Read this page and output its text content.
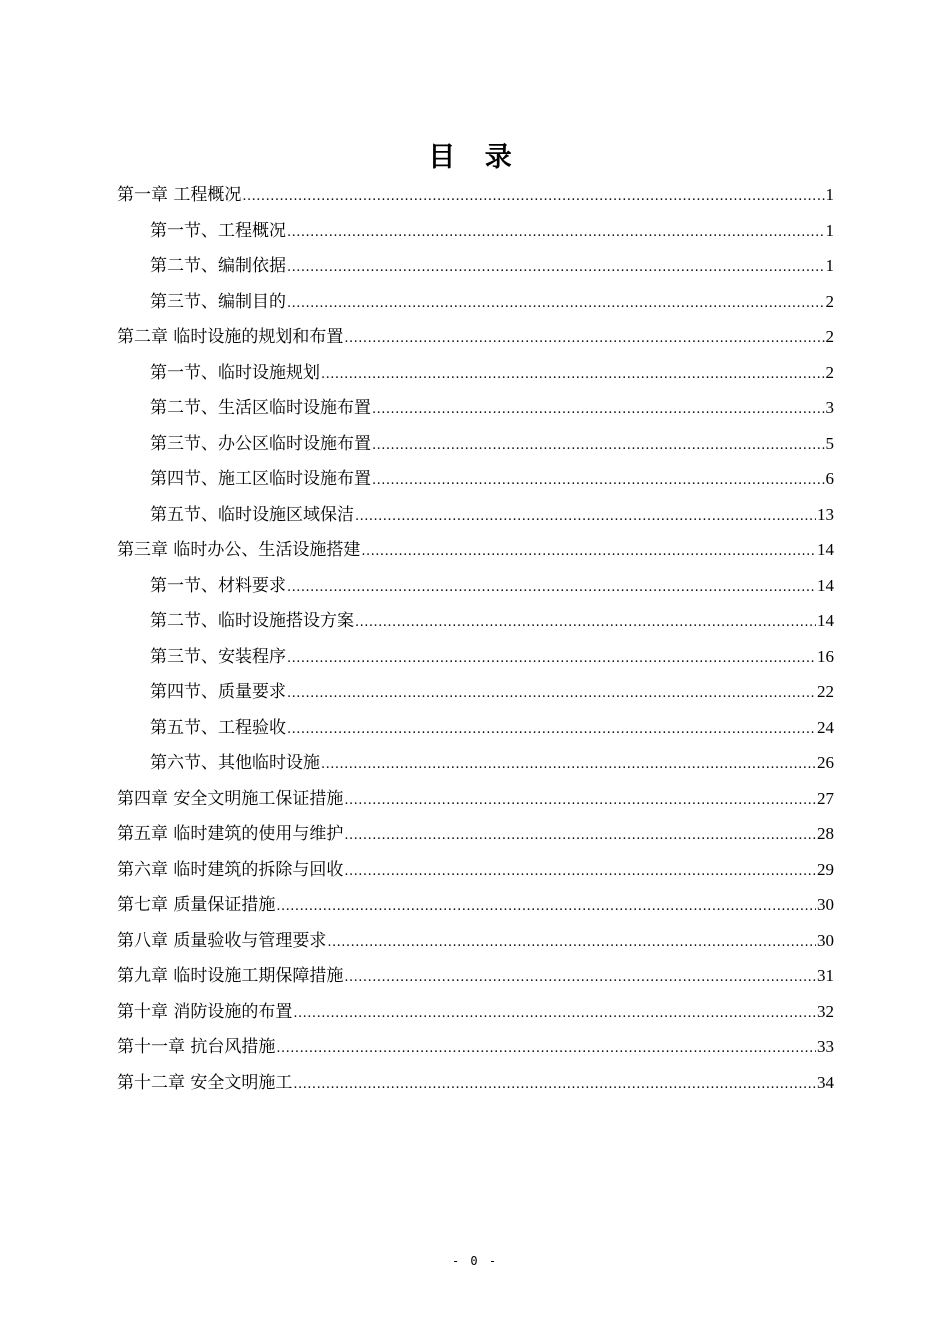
目 录
第一章 工程概况 .....	1
第一节、工程概况 .....	1
第二节、编制依据 .....	1
第三节、编制目的 .....	2
第二章 临时设施的规划和布置 .....	2
第一节、临时设施规划 .....	2
第二节、生活区临时设施布置 .....	3
第三节、办公区临时设施布置 .....	5
第四节、施工区临时设施布置 .....	6
第五节、临时设施区域保洁 .....	13
第三章 临时办公、生活设施搭建 .....	14
第一节、材料要求 .....	14
第二节、临时设施搭设方案 .....	14
第三节、安装程序 .....	16
第四节、质量要求 .....	22
第五节、工程验收 .....	24
第六节、其他临时设施 .....	26
第四章 安全文明施工保证措施 .....	27
第五章 临时建筑的使用与维护 .....	28
第六章 临时建筑的拆除与回收 .....	29
第七章 质量保证措施 .....	30
第八章 质量验收与管理要求 .....	30
第九章 临时设施工期保障措施 .....	31
第十章 消防设施的布置 .....	32
第十一章 抗台风措施 .....	33
第十二章 安全文明施工 .....	34
- 0 -
